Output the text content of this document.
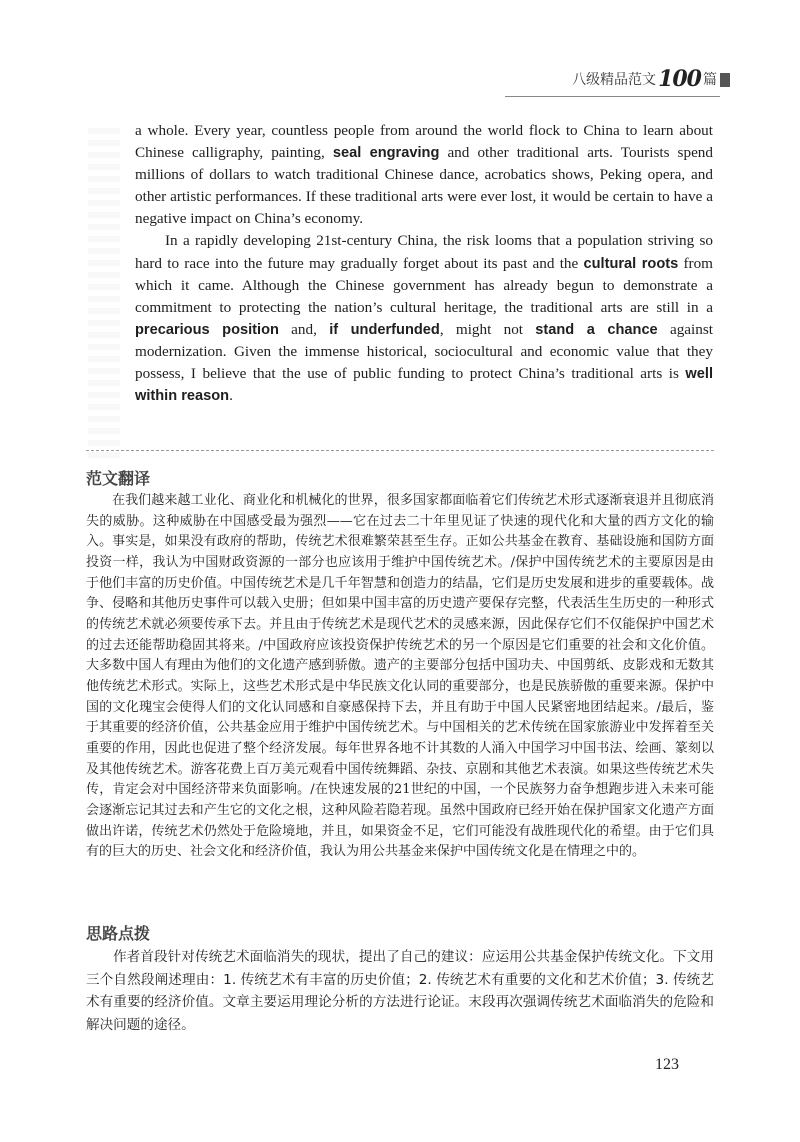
八级精品范文 100 篇

a whole. Every year, countless people from around the world flock to China to learn about Chinese calligraphy, painting, seal engraving and other traditional arts. Tourists spend millions of dollars to watch traditional Chinese dance, acrobatics shows, Peking opera, and other artistic performances. If these traditional arts were ever lost, it would be certain to have a negative impact on China’s economy.

In a rapidly developing 21st-century China, the risk looms that a population striving so hard to race into the future may gradually forget about its past and the cultural roots from which it came. Although the Chinese government has already begun to demonstrate a commitment to protecting the nation’s cultural heritage, the traditional arts are still in a precarious position and, if underfunded, might not stand a chance against modernization. Given the immense historical, sociocultural and economic value that they possess, I believe that the use of public funding to protect China’s traditional arts is well within reason.

范文翻译

在我们越来越工业化、商业化和机械化的世界，很多国家都面临着它们传统艺术形式逐渐衰退并且彻底消失的威胁。这种威胁在中国感受最为强烈——它在过去二十年里见证了快速的现代化和大量的西方文化的输入。事实是，如果没有政府的帮助，传统艺术很难繁荣甚至生存。正如公共基金在教育、基础设施和国防方面投资一样，我认为中国财政资源的一部分也应该用于维护中国传统艺术。/保护中国传统艺术的主要原因是由于他们丰富的历史价值。中国传统艺术是几千年智慧和创造力的结晶，它们是历史发展和进步的重要载体。战争、侵略和其他历史事件可以载入史册；但如果中国丰富的历史遗产要保存完整，代表活生生历史的一种形式的传统艺术就必须要传承下去。并且由于传统艺术是现代艺术的灵感来源，因此保存它们不仅能保护中国艺术的过去还能帮助稳固其将来。/中国政府应该投资保护传统艺术的另一个原因是它们重要的社会和文化价值。大多数中国人有理由为他们的文化遗产感到骄傲。遗产的主要部分包括中国功夫、中国剪纸、皮影戏和无数其他传统艺术形式。实际上，这些艺术形式是中华民族文化认同的重要部分，也是民族骄傲的重要来源。保护中国的文化瑰宝会使得人们的文化认同感和自豪感保持下去，并且有助于中国人民紧密地团结起来。/最后，鉴于其重要的经济价值，公共基金应用于维护中国传统艺术。与中国相关的艺术传统在国家旅游业中发挥着至关重要的作用，因此也促进了整个经济发展。每年世界各地不计其数的人涌入中国学习中国书法、绘画、篆刻以及其他传统艺术。游客花费上百万美元观看中国传统舞蹈、杂技、京剧和其他艺术表演。如果这些传统艺术失传，肯定会对中国经济带来负面影响。/在快速发展的21世纪的中国，一个民族努力奋争想跑步进入未来可能会逐渐忘记其过去和产生它的文化之根，这种风险若隐若现。虽然中国政府已经开始在保护国家文化遗产方面做出许诺，传统艺术仍然处于危险境地，并且，如果资金不足，它们可能没有战胜现代化的希望。由于它们具有的巨大的历史、社会文化和经济价值，我认为用公共基金来保护中国传统文化是在情理之中的。

思路点拨

作者首段针对传统艺术面临消失的现状，提出了自己的建议：应运用公共基金保护传统文化。下文用三个自然段阐述理由：1. 传统艺术有丰富的历史价值；2. 传统艺术有重要的文化和艺术价值；3. 传统艺术有重要的经济价值。文章主要运用理论分析的方法进行论证。末段再次强调传统艺术面临消失的危险和解决问题的途径。

123
